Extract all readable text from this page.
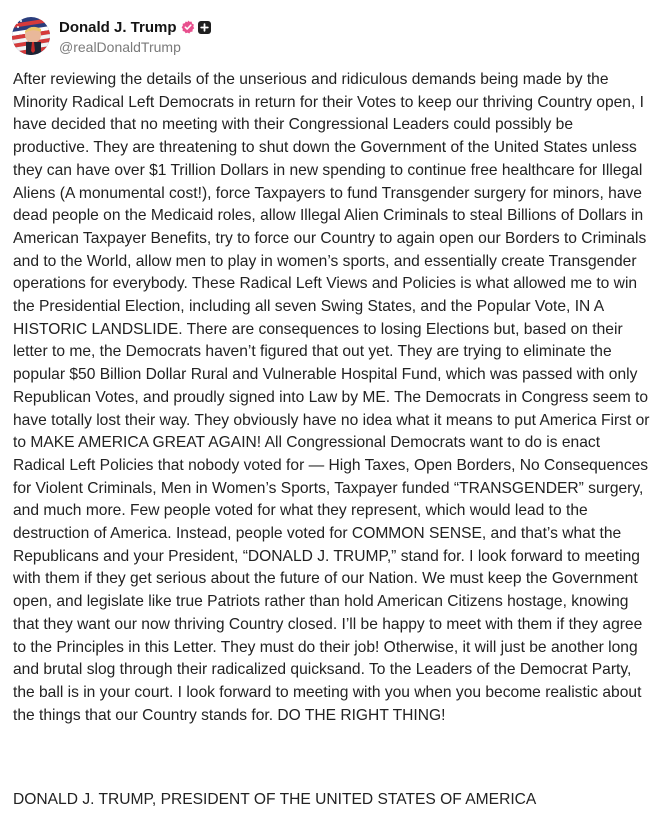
Donald J. Trump
@realDonaldTrump

After reviewing the details of the unserious and ridiculous demands being made by the Minority Radical Left Democrats in return for their Votes to keep our thriving Country open, I have decided that no meeting with their Congressional Leaders could possibly be productive. They are threatening to shut down the Government of the United States unless they can have over $1 Trillion Dollars in new spending to continue free healthcare for Illegal Aliens (A monumental cost!), force Taxpayers to fund Transgender surgery for minors, have dead people on the Medicaid roles, allow Illegal Alien Criminals to steal Billions of Dollars in American Taxpayer Benefits, try to force our Country to again open our Borders to Criminals and to the World, allow men to play in women’s sports, and essentially create Transgender operations for everybody. These Radical Left Views and Policies is what allowed me to win the Presidential Election, including all seven Swing States, and the Popular Vote, IN A HISTORIC LANDSLIDE. There are consequences to losing Elections but, based on their letter to me, the Democrats haven’t figured that out yet. They are trying to eliminate the popular $50 Billion Dollar Rural and Vulnerable Hospital Fund, which was passed with only Republican Votes, and proudly signed into Law by ME. The Democrats in Congress seem to have totally lost their way. They obviously have no idea what it means to put America First or to MAKE AMERICA GREAT AGAIN! All Congressional Democrats want to do is enact Radical Left Policies that nobody voted for — High Taxes, Open Borders, No Consequences for Violent Criminals, Men in Women’s Sports, Taxpayer funded “TRANSGENDER” surgery, and much more. Few people voted for what they represent, which would lead to the destruction of America. Instead, people voted for COMMON SENSE, and that’s what the Republicans and your President, “DONALD J. TRUMP,” stand for. I look forward to meeting with them if they get serious about the future of our Nation. We must keep the Government open, and legislate like true Patriots rather than hold American Citizens hostage, knowing that they want our now thriving Country closed. I’ll be happy to meet with them if they agree to the Principles in this Letter. They must do their job! Otherwise, it will just be another long and brutal slog through their radicalized quicksand. To the Leaders of the Democrat Party, the ball is in your court. I look forward to meeting with you when you become realistic about the things that our Country stands for. DO THE RIGHT THING!

DONALD J. TRUMP, PRESIDENT OF THE UNITED STATES OF AMERICA
